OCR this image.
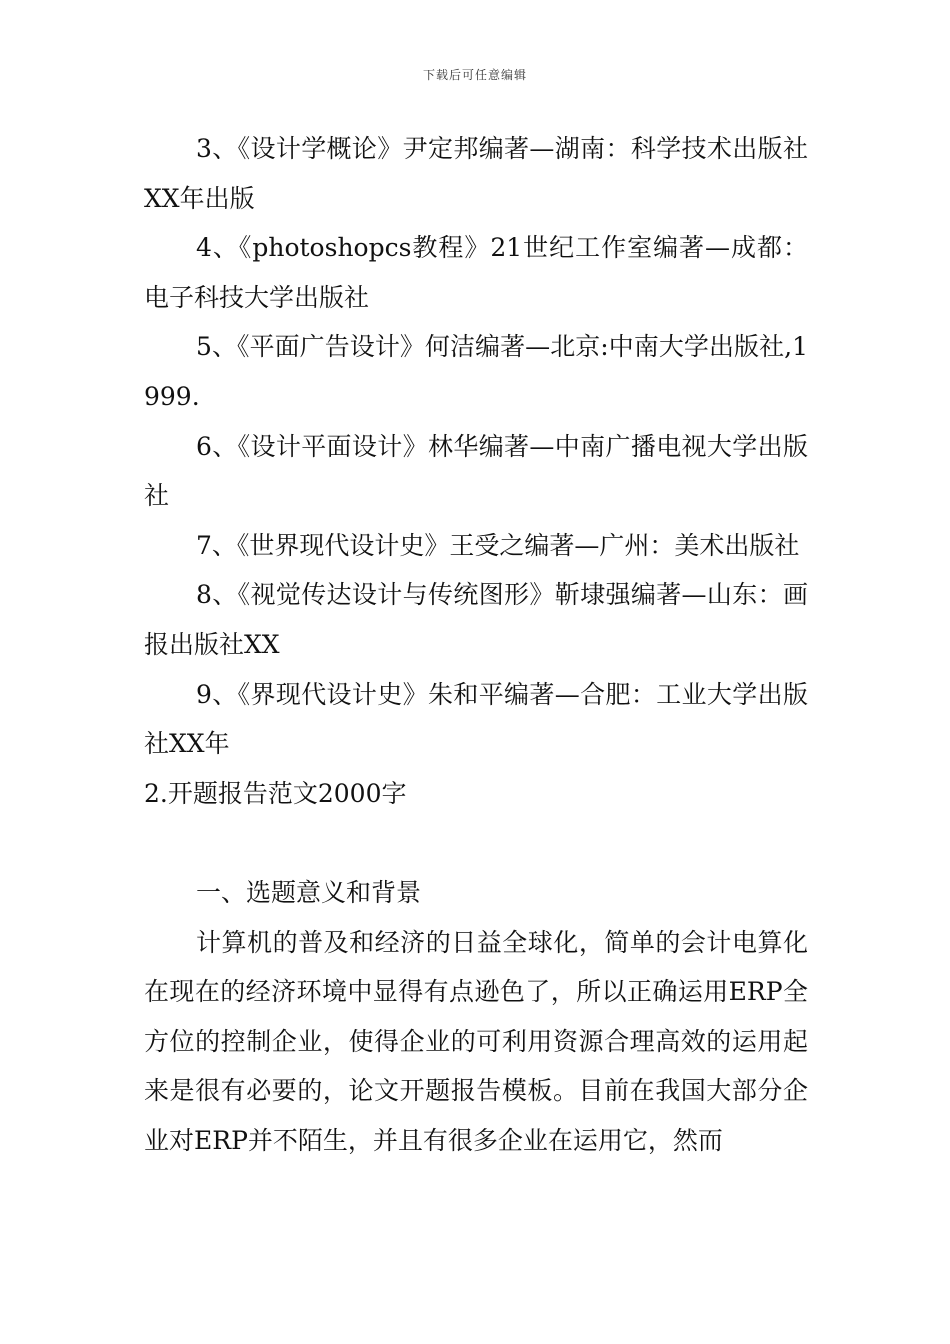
下载后可任意编辑

3、《设计学概论》尹定邦编著—湖南：科学技术出版社XX年出版

4、《photoshopcs教程》21世纪工作室编著—成都：电子科技大学出版社

5、《平面广告设计》何洁编著—北京:中南大学出版社,1999.

6、《设计平面设计》林华编著—中南广播电视大学出版社

7、《世界现代设计史》王受之编著—广州：美术出版社

8、《视觉传达设计与传统图形》靳埭强编著—山东：画报出版社XX

9、《界现代设计史》朱和平编著—合肥：工业大学出版社XX年

2.开题报告范文2000字

一、选题意义和背景

计算机的普及和经济的日益全球化，简单的会计电算化在现在的经济环境中显得有点逊色了，所以正确运用ERP全方位的控制企业，使得企业的可利用资源合理高效的运用起来是很有必要的，论文开题报告模板。目前在我国大部分企业对ERP并不陌生，并且有很多企业在运用它，然而
